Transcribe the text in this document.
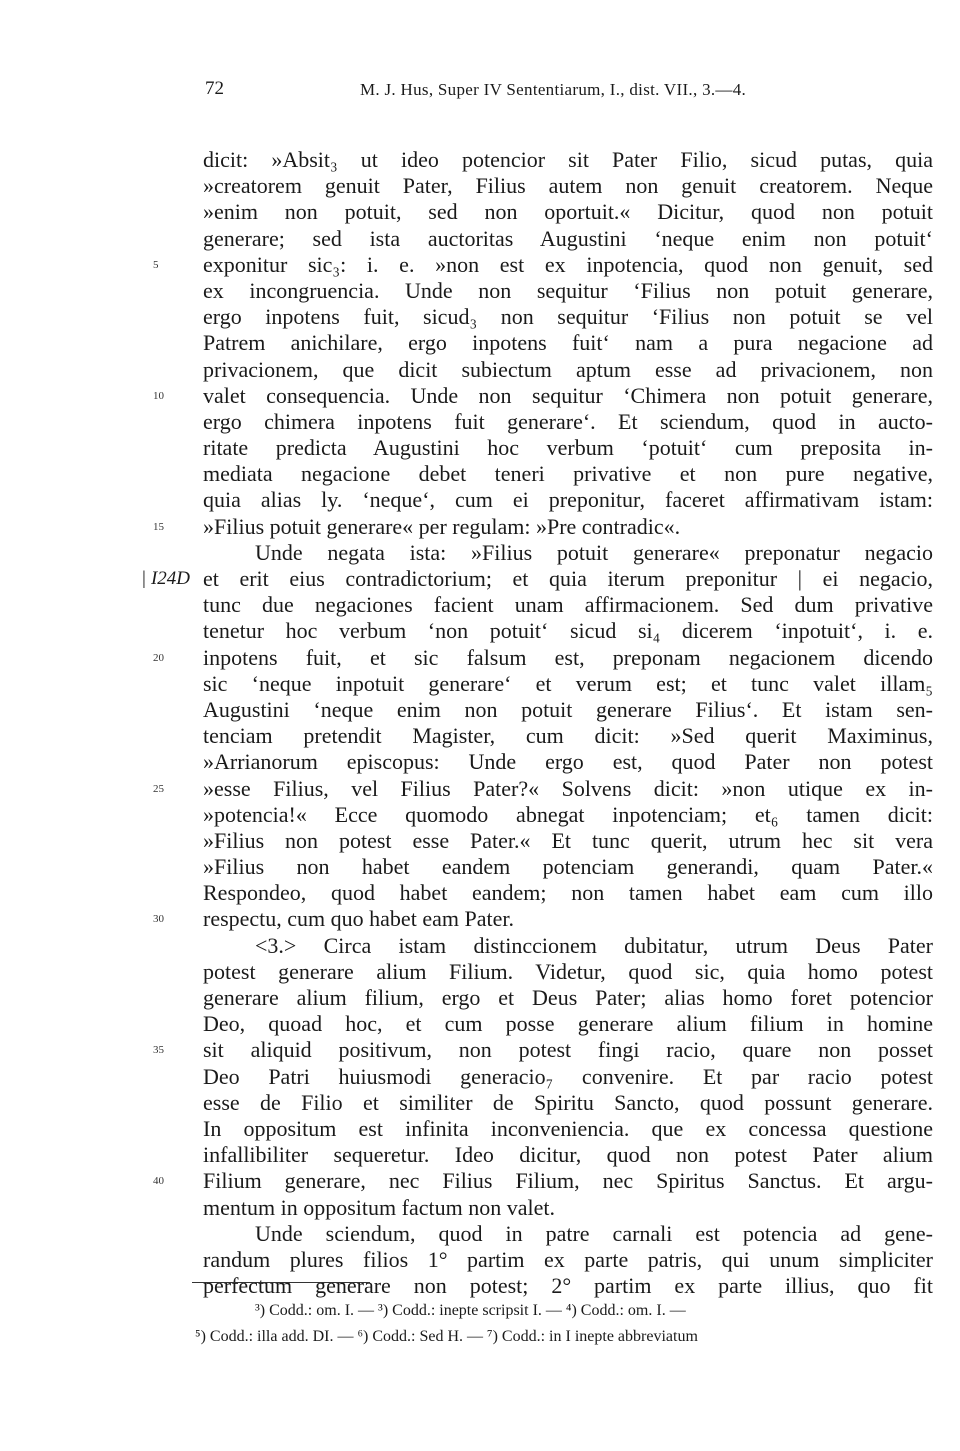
72	M. J. Hus, Super IV Sententiarum, I., dist. VII., 3.—4.
dicit: »Absit₃ ut ideo potencior sit Pater Filio, sicud putas, quia
»creatorem genuit Pater, Filius autem non genuit creatorem. Neque
»enim non potuit, sed non oportuit.« Dicitur, quod non potuit
generare; sed ista auctoritas Augustini ‘neque enim non potuit‘
5	exponitur sic₃: i. e. »non est ex inpotencia, quod non genuit, sed
ex incongruencia. Unde non sequitur ‘Filius non potuit generare,
ergo inpotens fuit, sicud₃ non sequitur ‘Filius non potuit se vel
Patrem anichilare, ergo inpotens fuit‘ nam a pura negacione ad
privacionem, que dicit subiectum aptum esse ad privacionem, non
10	valet consequencia. Unde non sequitur ‘Chimera non potuit generare,
ergo chimera inpotens fuit generare‘. Et sciendum, quod in aucto-
ritate predicta Augustini hoc verbum ‘potuit‘ cum preposita in-
mediata negacione debet teneri privative et non pure negative,
quia alias ly. ‘neque‘, cum ei preponitur, faceret affirmativam istam:
15	»Filius potuit generare« per regulam: »Pre contradic«.
Unde negata ista: »Filius potuit generare« preponatur negacio
| I24D et erit eius contradictorium; et quia iterum preponitur | ei negacio,
tunc due negaciones facient unam affirmacionem. Sed dum privative
tenetur hoc verbum ‘non potuit‘ sicud si₄ dicerem ‘inpotuit‘, i. e.
20	inpotens fuit, et sic falsum est, preponam negacionem dicendo
sic ‘neque inpotuit generare‘ et verum est; et tunc valet illam₅
Augustini ‘neque enim non potuit generare Filius‘. Et istam sen-
tenciam pretendit Magister, cum dicit: »Sed querit Maximinus,
»Arrianorum episcopus: Unde ergo est, quod Pater non potest
25	»esse Filius, vel Filius Pater?« Solvens dicit: »non utique ex in-
»potencia!« Ecce quomodo abnegat inpotenciam; et₆ tamen dicit:
»Filius non potest esse Pater.« Et tunc querit, utrum hec sit vera
»Filius non habet eandem potenciam generandi, quam Pater.«
Respondeo, quod habet eandem; non tamen habet eam cum illo
30	respectu, cum quo habet eam Pater.
<3.> Circa istam distinccionem dubitatur, utrum Deus Pater
potest generare alium Filium. Videtur, quod sic, quia homo potest
generare alium filium, ergo et Deus Pater; alias homo foret potencior
Deo, quoad hoc, et cum posse generare alium filium in homine
35	sit aliquid positivum, non potest fingi racio, quare non posset
Deo Patri huiusmodi generacio₇ convenire. Et par racio potest
esse de Filio et similiter de Spiritu Sancto, quod possunt generare.
In oppositum est infinita inconveniencia. que ex concessa questione
infallibiliter sequeretur. Ideo dicitur, quod non potest Pater alium
40	Filium generare, nec Filius Filium, nec Spiritus Sanctus. Et argu-
mentum in oppositum factum non valet.
Unde sciendum, quod in patre carnali est potencia ad gene-
randum plures filios 1° partim ex parte patris, qui unum simpliciter
perfectum generare non potest; 2° partim ex parte illius, quo fit
³) Codd.: om. I. — ³) Codd.: inepte scripsit I. — ⁴) Codd.: om. I. —
⁵) Codd.: illa add. DI. — ⁶) Codd.: Sed H. — ⁷) Codd.: in I inepte abbreviatum
